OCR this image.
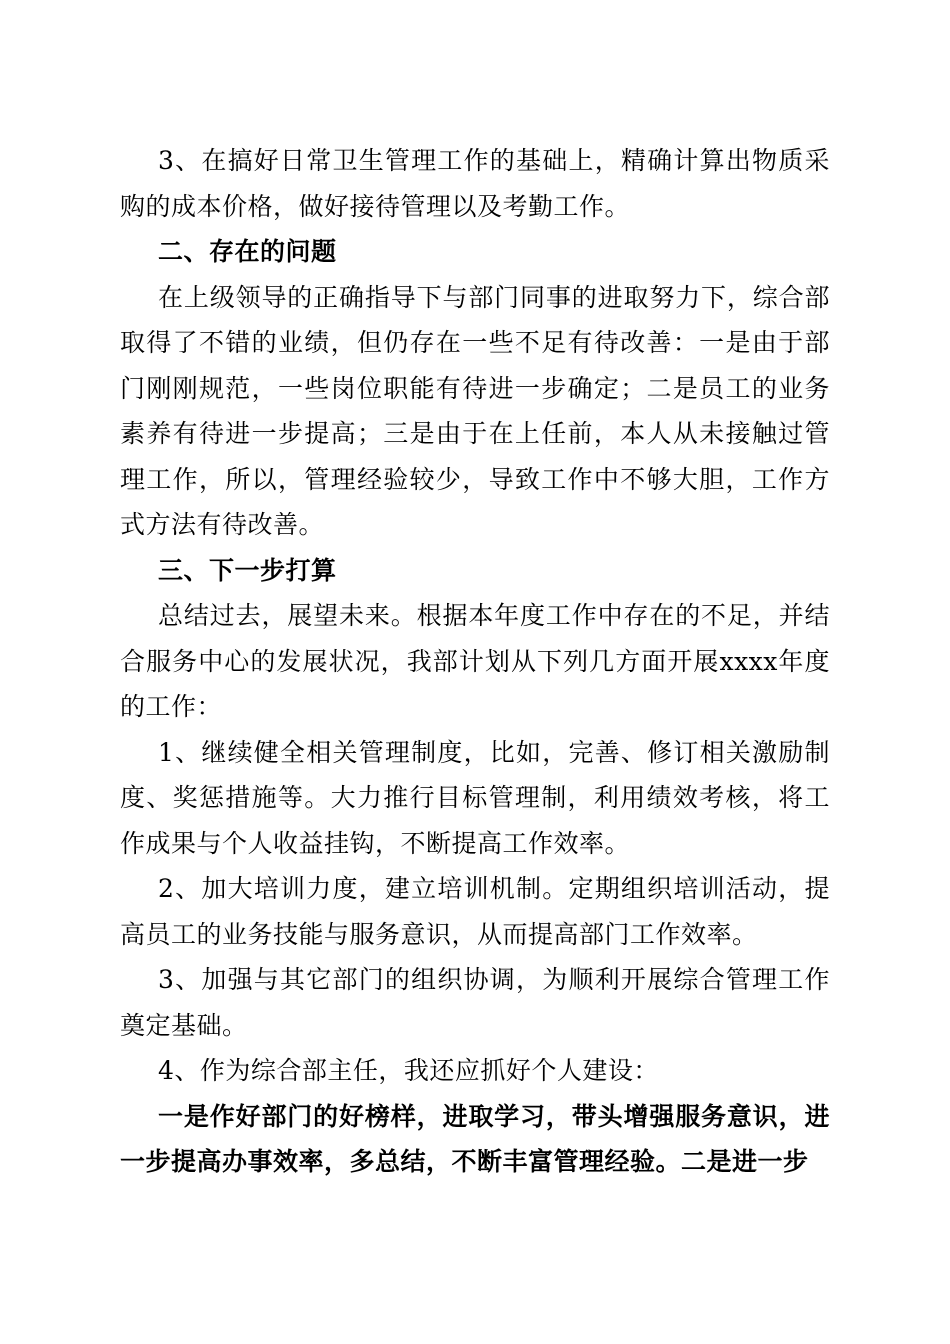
3、在搞好日常卫生管理工作的基础上，精确计算出物质采购的成本价格，做好接待管理以及考勤工作。

二、存在的问题

在上级领导的正确指导下与部门同事的进取努力下，综合部取得了不错的业绩，但仍存在一些不足有待改善：一是由于部门刚刚规范，一些岗位职能有待进一步确定；二是员工的业务素养有待进一步提高；三是由于在上任前，本人从未接触过管理工作，所以，管理经验较少，导致工作中不够大胆，工作方式方法有待改善。

三、下一步打算

总结过去，展望未来。根据本年度工作中存在的不足，并结合服务中心的发展状况，我部计划从下列几方面开展xxxx年度的工作：

1、继续健全相关管理制度，比如，完善、修订相关激励制度、奖惩措施等。大力推行目标管理制，利用绩效考核，将工作成果与个人收益挂钩，不断提高工作效率。

2、加大培训力度，建立培训机制。定期组织培训活动，提高员工的业务技能与服务意识，从而提高部门工作效率。

3、加强与其它部门的组织协调，为顺利开展综合管理工作奠定基础。

4、作为综合部主任，我还应抓好个人建设：

一是作好部门的好榜样，进取学习，带头增强服务意识，进一步提高办事效率，多总结，不断丰富管理经验。二是进一步
